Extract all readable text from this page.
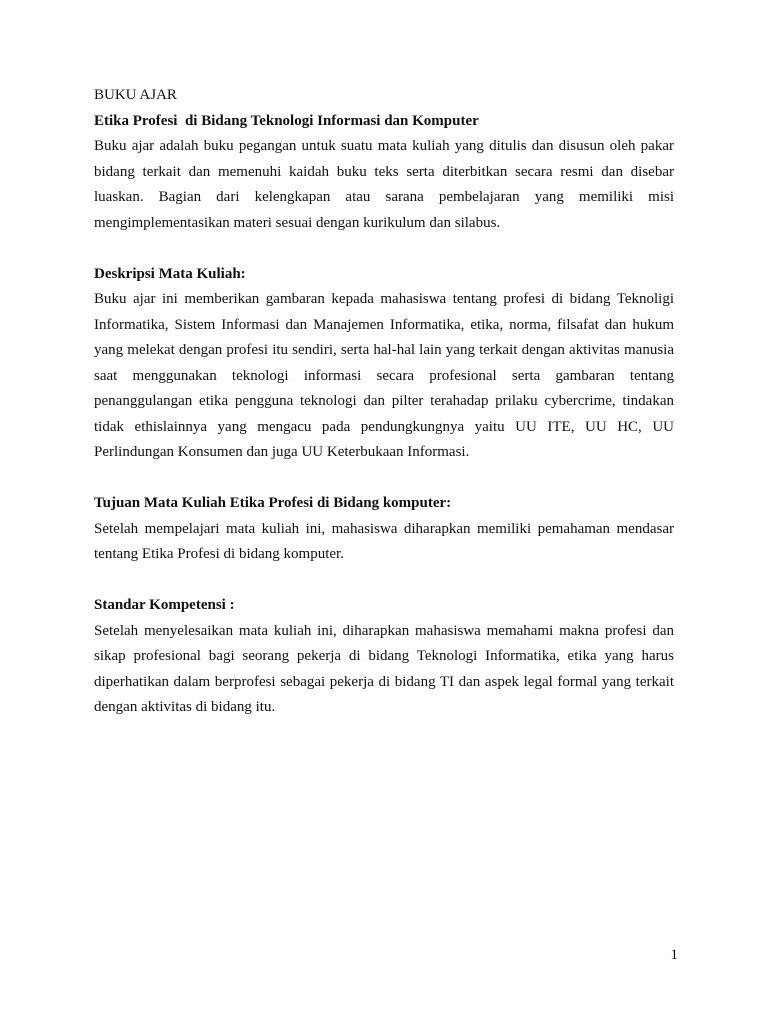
BUKU AJAR
Etika Profesi  di Bidang Teknologi Informasi dan Komputer

Buku ajar adalah buku pegangan untuk suatu mata kuliah yang ditulis dan disusun oleh pakar bidang terkait dan memenuhi kaidah buku teks serta diterbitkan secara resmi dan disebar luaskan. Bagian dari kelengkapan atau sarana pembelajaran yang memiliki misi mengimplementasikan materi sesuai dengan kurikulum dan silabus.

Deskripsi Mata Kuliah:

Buku ajar ini memberikan gambaran kepada mahasiswa tentang profesi di bidang Teknoligi Informatika, Sistem Informasi dan Manajemen Informatika, etika, norma, filsafat dan hukum yang melekat dengan profesi itu sendiri, serta hal-hal lain yang terkait dengan aktivitas manusia saat menggunakan teknologi informasi secara profesional serta gambaran tentang penanggulangan etika pengguna teknologi dan pilter terahadap prilaku cybercrime, tindakan tidak ethislainnya yang mengacu pada pendungkungnya yaitu UU ITE, UU HC, UU Perlindungan Konsumen dan juga UU Keterbukaan Informasi.

Tujuan Mata Kuliah Etika Profesi di Bidang komputer:

Setelah mempelajari mata kuliah ini, mahasiswa diharapkan memiliki pemahaman mendasar tentang Etika Profesi di bidang komputer.

Standar Kompetensi :

Setelah menyelesaikan mata kuliah ini, diharapkan mahasiswa memahami makna profesi dan sikap profesional bagi seorang pekerja di bidang Teknologi Informatika, etika yang harus diperhatikan dalam berprofesi sebagai pekerja di bidang TI dan aspek legal formal yang terkait dengan aktivitas di bidang itu.

1
